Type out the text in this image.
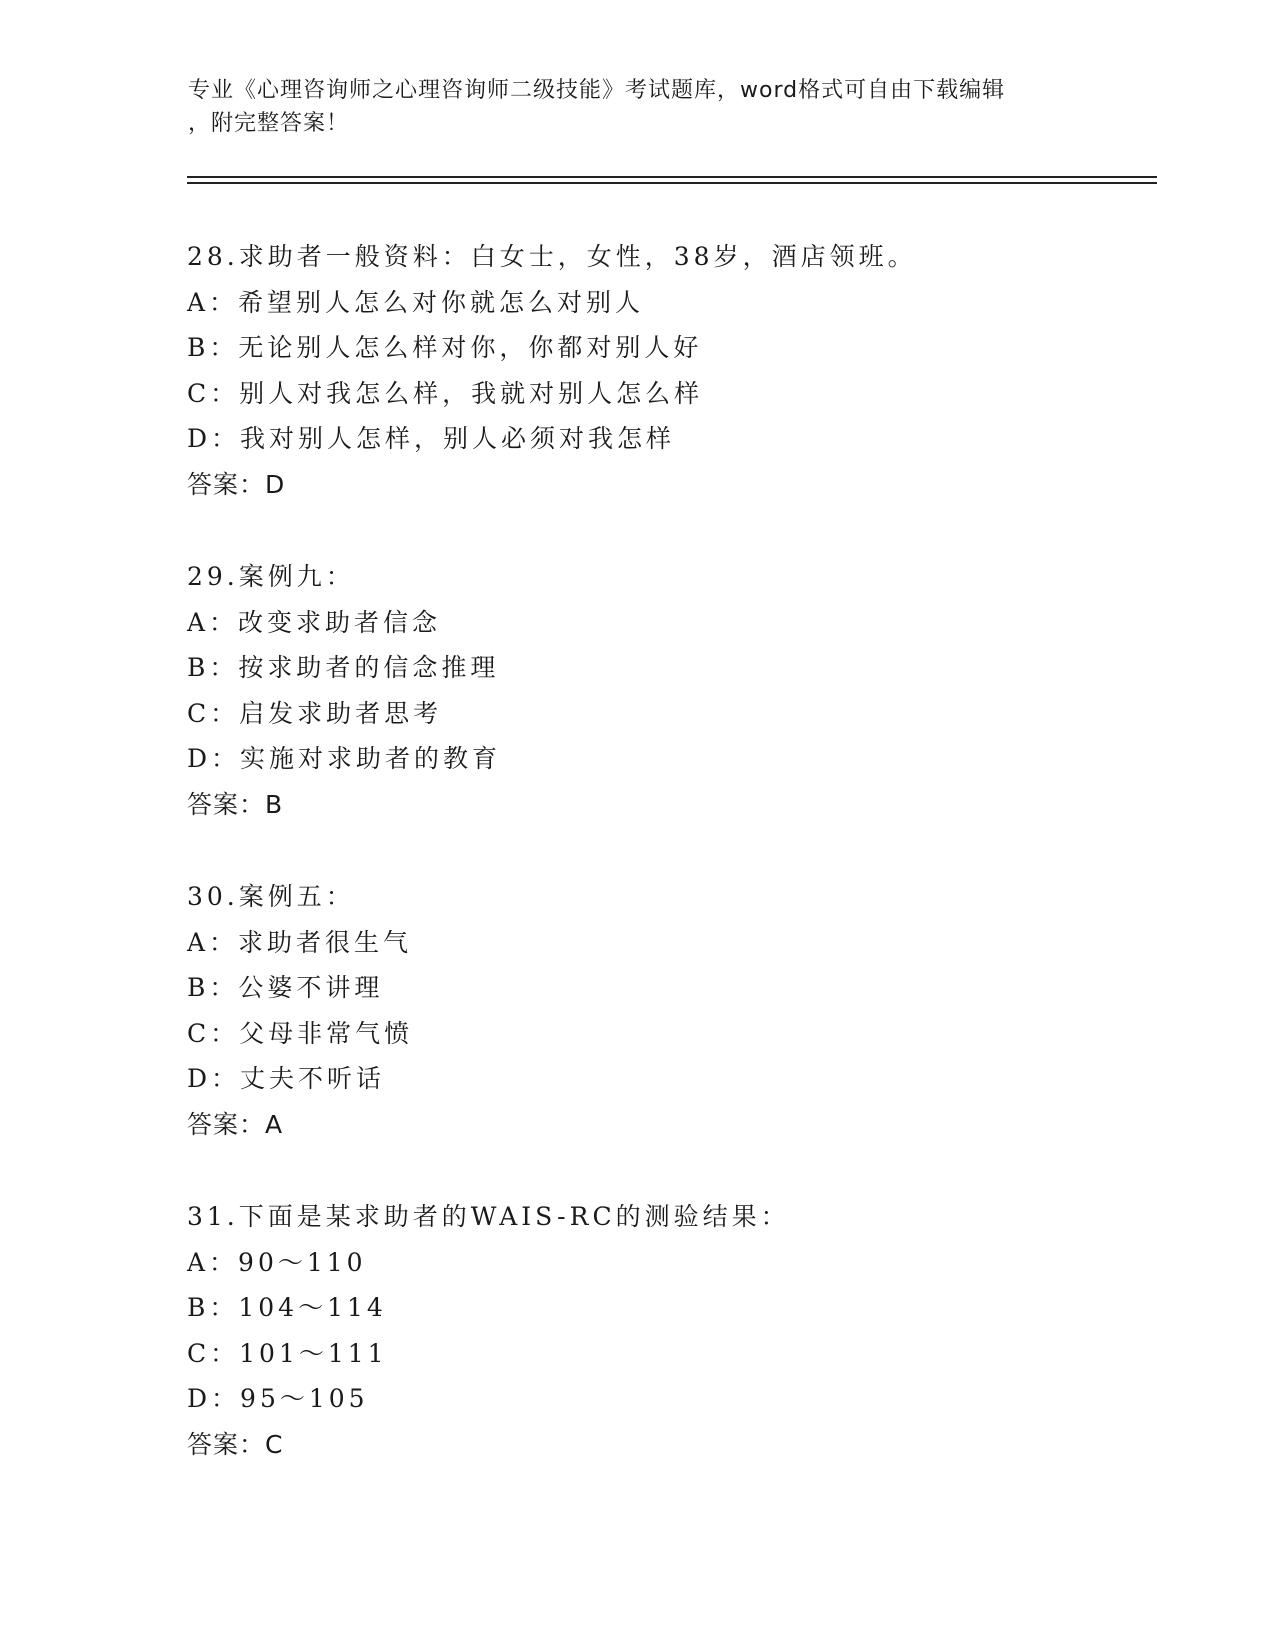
专业《心理咨询师之心理咨询师二级技能》考试题库，word格式可自由下载编辑
，附完整答案！
28.求助者一般资料：白女士，女性，38岁，酒店领班。
A：希望别人怎么对你就怎么对别人
B：无论别人怎么样对你，你都对别人好
C：别人对我怎么样，我就对别人怎么样
D：我对别人怎样，别人必须对我怎样
答案：D
29.案例九：
A：改变求助者信念
B：按求助者的信念推理
C：启发求助者思考
D：实施对求助者的教育
答案：B
30.案例五：
A：求助者很生气
B：公婆不讲理
C：父母非常气愤
D：丈夫不听话
答案：A
31.下面是某求助者的WAIS-RC的测验结果：
A：90～110
B：104～114
C：101～111
D：95～105
答案：C
